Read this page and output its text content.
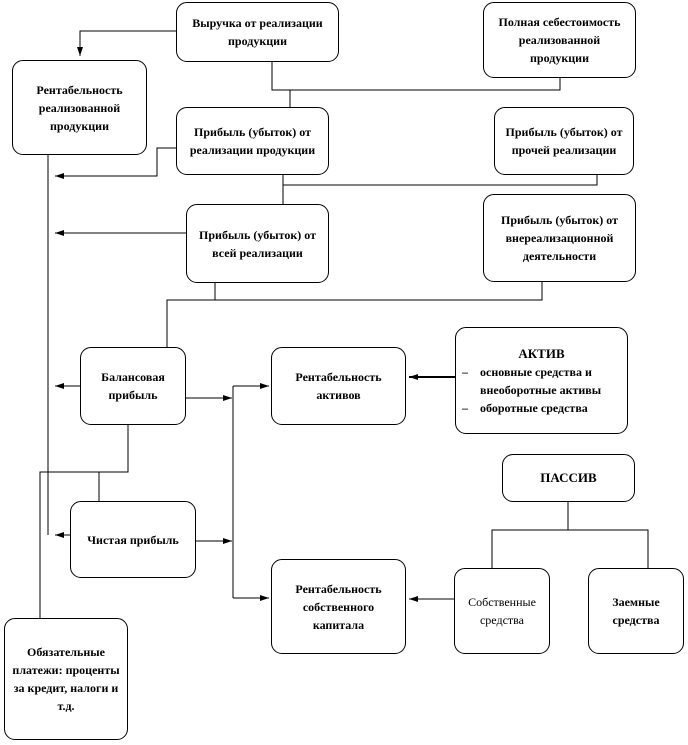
Выручка от реализации продукции
Полная себестоимость реализованной продукции
Рентабельность реализованной продукции	Прибыль (убыток) от реализации продукции
Прибыль (убыток) от прочей реализации
Прибыль (убыток) от всей реализации
Прибыль (убыток) от внереализационной деятельности
Балансовая прибыль
Рентабельность активов
АКТИВ
– основные средства и внеоборотные активы
– оборотные средства
ПАССИВ
Чистая прибыль
Рентабельность собственного капитала
Собственные средства
Заемные средства
Обязательные платежи: проценты за кредит, налоги и т.д.
